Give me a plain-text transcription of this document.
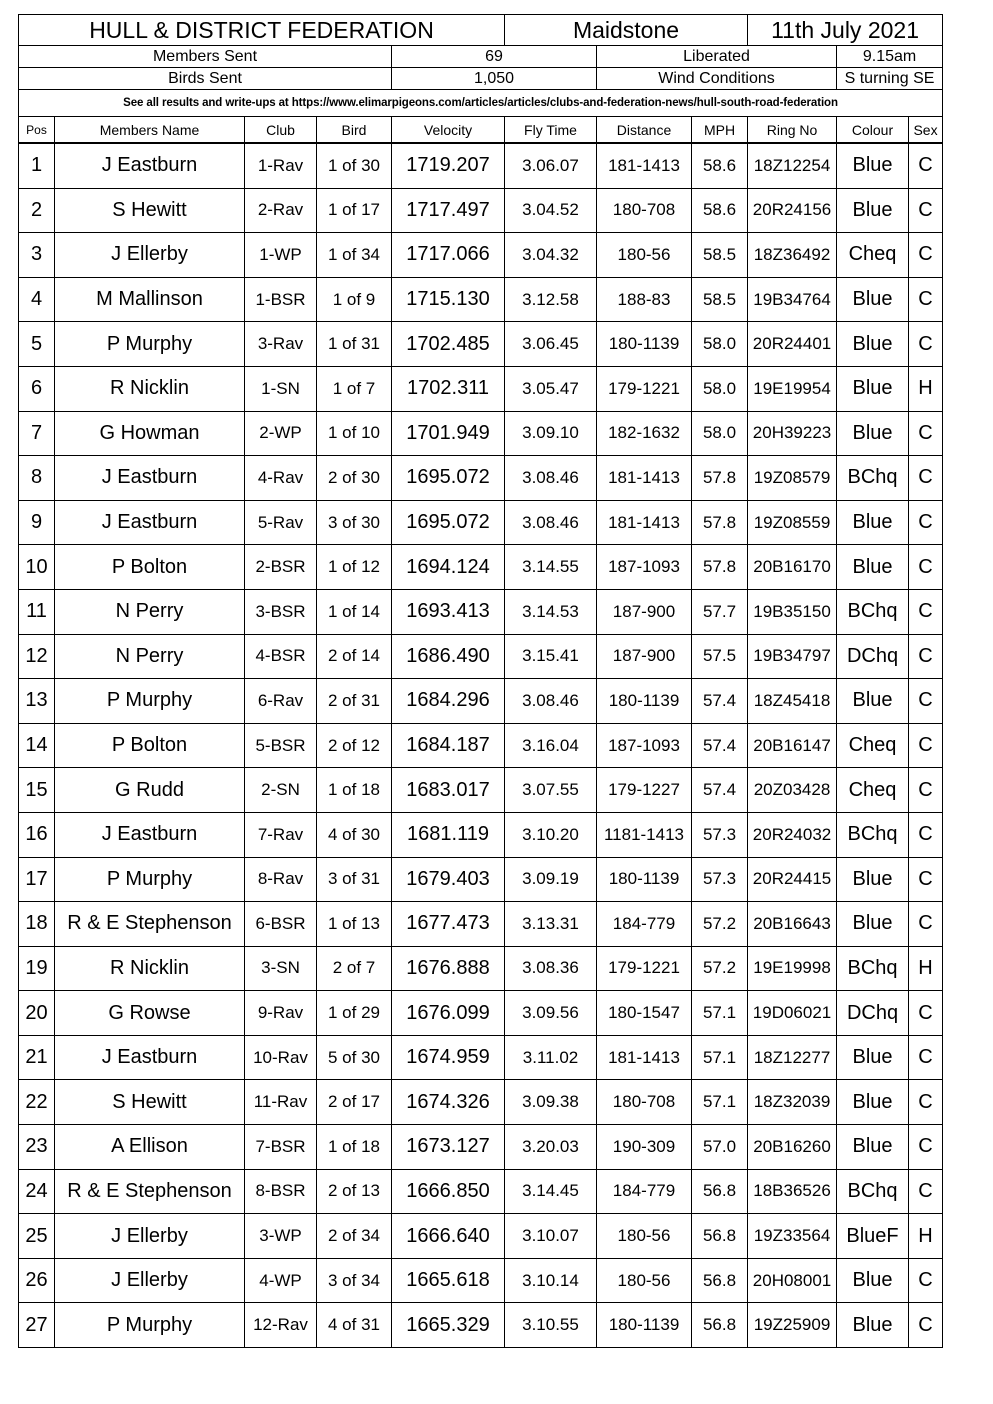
HULL & DISTRICT FEDERATION					Maidstone			11th July 2021		
Members Sent				69		Liberated			9.15am	
Birds Sent				1,050		Wind Conditions			S turning SE	
See all results and write-ups at https://www.elimarpigeons.com/articles/articles/clubs-and-federation-news/hull-south-road-federation										
Pos	Members Name	Club	Bird	Velocity	Fly Time	Distance	MPH	Ring No	Colour	Sex
1	J Eastburn	1-Rav	1 of 30	1719.207	3.06.07	181-1413	58.6	18Z12254	Blue	C
2	S Hewitt	2-Rav	1 of 17	1717.497	3.04.52	180-708	58.6	20R24156	Blue	C
3	J Ellerby	1-WP	1 of 34	1717.066	3.04.32	180-56	58.5	18Z36492	Cheq	C
4	M Mallinson	1-BSR	1 of 9	1715.130	3.12.58	188-83	58.5	19B34764	Blue	C
5	P Murphy	3-Rav	1 of 31	1702.485	3.06.45	180-1139	58.0	20R24401	Blue	C
6	R Nicklin	1-SN	1 of 7	1702.311	3.05.47	179-1221	58.0	19E19954	Blue	H
7	G Howman	2-WP	1 of 10	1701.949	3.09.10	182-1632	58.0	20H39223	Blue	C
8	J Eastburn	4-Rav	2 of 30	1695.072	3.08.46	181-1413	57.8	19Z08579	BChq	C
9	J Eastburn	5-Rav	3 of 30	1695.072	3.08.46	181-1413	57.8	19Z08559	Blue	C
10	P Bolton	2-BSR	1 of 12	1694.124	3.14.55	187-1093	57.8	20B16170	Blue	C
11	N Perry	3-BSR	1 of 14	1693.413	3.14.53	187-900	57.7	19B35150	BChq	C
12	N Perry	4-BSR	2 of 14	1686.490	3.15.41	187-900	57.5	19B34797	DChq	C
13	P Murphy	6-Rav	2 of 31	1684.296	3.08.46	180-1139	57.4	18Z45418	Blue	C
14	P Bolton	5-BSR	2 of 12	1684.187	3.16.04	187-1093	57.4	20B16147	Cheq	C
15	G Rudd	2-SN	1 of 18	1683.017	3.07.55	179-1227	57.4	20Z03428	Cheq	C
16	J Eastburn	7-Rav	4 of 30	1681.119	3.10.20	1181-1413	57.3	20R24032	BChq	C
17	P Murphy	8-Rav	3 of 31	1679.403	3.09.19	180-1139	57.3	20R24415	Blue	C
18	R & E Stephenson	6-BSR	1 of 13	1677.473	3.13.31	184-779	57.2	20B16643	Blue	C
19	R Nicklin	3-SN	2 of 7	1676.888	3.08.36	179-1221	57.2	19E19998	BChq	H
20	G Rowse	9-Rav	1 of 29	1676.099	3.09.56	180-1547	57.1	19D06021	DChq	C
21	J Eastburn	10-Rav	5 of 30	1674.959	3.11.02	181-1413	57.1	18Z12277	Blue	C
22	S Hewitt	11-Rav	2 of 17	1674.326	3.09.38	180-708	57.1	18Z32039	Blue	C
23	A Ellison	7-BSR	1 of 18	1673.127	3.20.03	190-309	57.0	20B16260	Blue	C
24	R & E Stephenson	8-BSR	2 of 13	1666.850	3.14.45	184-779	56.8	18B36526	BChq	C
25	J Ellerby	3-WP	2 of 34	1666.640	3.10.07	180-56	56.8	19Z33564	BlueF	H
26	J Ellerby	4-WP	3 of 34	1665.618	3.10.14	180-56	56.8	20H08001	Blue	C
27	P Murphy	12-Rav	4 of 31	1665.329	3.10.55	180-1139	56.8	19Z25909	Blue	C
